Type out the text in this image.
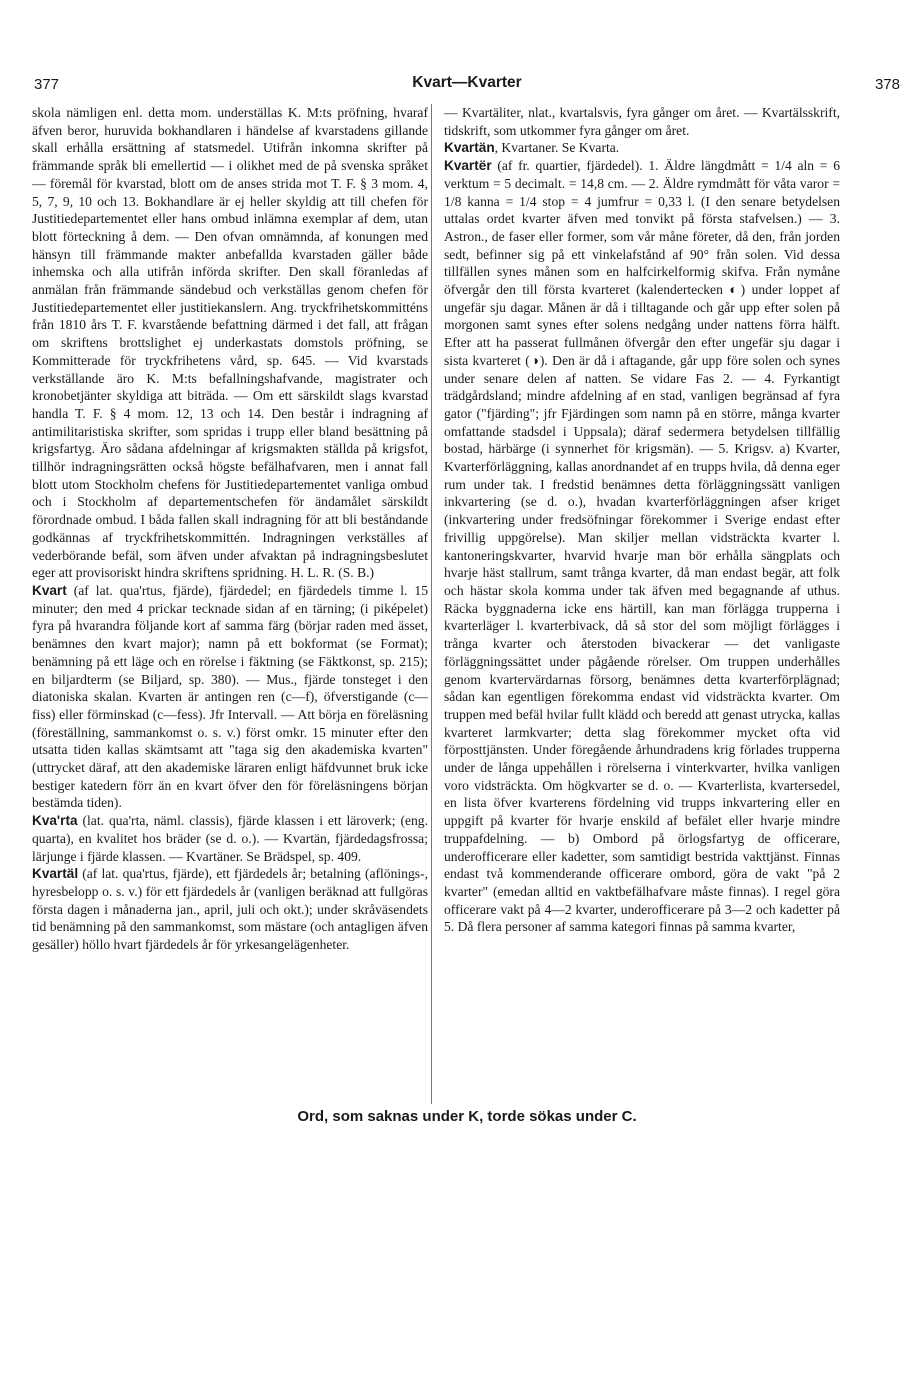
377	Kvart—Kvarter	378

skola nämligen enl. detta mom. underställas K. M:ts pröfning, hvaraf äfven beror, huruvida bokhandlaren i händelse af kvarstadens gillande skall erhålla ersättning af statsmedel. Utifrån inkomna skrifter på främmande språk bli emellertid — i olikhet med de på svenska språket — föremål för kvarstad, blott om de anses strida mot T. F. § 3 mom. 4, 5, 7, 9, 10 och 13. Bokhandlare är ej heller skyldig att till chefen för Justitiedepartementet eller hans ombud inlämna exemplar af dem, utan blott förteckning å dem. — Den ofvan omnämnda, af konungen med hänsyn till främmande makter anbefallda kvarstaden gäller både inhemska och alla utifrån införda skrifter. Den skall föranledas af anmälan från främmande sändebud och verkställas genom chefen för Justitiedepartementet eller justitiekanslern. Ang. tryckfrihetskommitténs från 1810 års T. F. kvarstående befattning därmed i det fall, att frågan om skriftens brottslighet ej underkastats domstols pröfning, se Kommitterade för tryckfrihetens vård, sp. 645. — Vid kvarstads verkställande äro K. M:ts befallningshafvande, magistrater och kronobetjänter skyldiga att biträda. — Om ett särskildt slags kvarstad handla T. F. § 4 mom. 12, 13 och 14. Den består i indragning af antimilitaristiska skrifter, som spridas i trupp eller bland besättning på krigsfartyg. Äro sådana afdelningar af krigsmakten ställda på krigsfot, tillhör indragningsrätten också högste befälhafvaren, men i annat fall blott utom Stockholm chefens för Justitiedepartementet vanliga ombud och i Stockholm af departementschefen för ändamålet särskildt förordnade ombud. I båda fallen skall indragning för att bli beståndande godkännas af tryckfrihetskommittén. Indragningen verkställes af vederbörande befäl, som äfven under afvaktan på indragningsbeslutet eger att provisoriskt hindra skriftens spridning. H. L. R. (S. B.)

Kvart (af lat. qua'rtus, fjärde), fjärdedel; en fjärdedels timme l. 15 minuter; den med 4 prickar tecknade sidan af en tärning; (i piképelet) fyra på hvarandra följande kort af samma färg (börjar raden med ässet, benämnes den kvart major); namn på ett bokformat (se Format); benämning på ett läge och en rörelse i fäktning (se Fäktkonst, sp. 215); en biljardterm (se Biljard, sp. 380). — Mus., fjärde tonsteget i den diatoniska skalan. Kvarten är antingen ren (c—f), öfverstigande (c—fiss) eller förminskad (c—fess). Jfr Intervall. — Att börja en föreläsning (föreställning, sammankomst o. s. v.) först omkr. 15 minuter efter den utsatta tiden kallas skämtsamt att "taga sig den akademiska kvarten" (uttrycket däraf, att den akademiske läraren enligt häfdvunnet bruk icke bestiger katedern förr än en kvart öfver den för föreläsningens början bestämda tiden).

Kva'rta (lat. qua'rta, näml. classis), fjärde klassen i ett läroverk; (eng. quarta), en kvalitet hos bräder (se d. o.). — Kvartän, fjärdedagsfrossa; lärjunge i fjärde klassen. — Kvartäner. Se Brädspel, sp. 409.

Kvartäl (af lat. qua'rtus, fjärde), ett fjärdedels år; betalning (aflönings-, hyresbelopp o. s. v.) för ett fjärdedels år (vanligen beräknad att fullgöras första dagen i månaderna jan., april, juli och okt.); under skråväsendets tid benämning på den sammankomst, som mästare (och antagligen äfven gesäller) höllo hvart fjärdedels år för yrkesangelägenheter.

— Kvartäliter, nlat., kvartalsvis, fyra gånger om året. — Kvartälsskrift, tidskrift, som utkommer fyra gånger om året.

Kvartän, Kvartaner. Se Kvarta.

Kvartër (af fr. quartier, fjärdedel). 1. Äldre längdmått = 1/4 aln = 6 verktum = 5 decimalt. = 14,8 cm. — 2. Äldre rymdmått för våta varor = 1/8 kanna = 1/4 stop = 4 jumfrur = 0,33 l. (I den senare betydelsen uttalas ordet kvarter äfven med tonvikt på första stafvelsen.) — 3. Astron., de faser eller former, som vår måne företer, då den, från jorden sedt, befinner sig på ett vinkelafstånd af 90° från solen. Vid dessa tillfällen synes månen som en halfcirkelformig skifva. Från nymåne öfvergår den till första kvarteret (kalendertecken ◐) under loppet af ungefär sju dagar. Månen är då i tilltagande och går upp efter solen på morgonen samt synes efter solens nedgång under nattens förra hälft. Efter att ha passerat fullmånen öfvergår den efter ungefär sju dagar i sista kvarteret (◑). Den är då i aftagande, går upp före solen och synes under senare delen af natten. Se vidare Fas 2. — 4. Fyrkantigt trädgårdsland; mindre afdelning af en stad, vanligen begränsad af fyra gator ("fjärding"; jfr Fjärdingen som namn på en större, många kvarter omfattande stadsdel i Uppsala); däraf sedermera betydelsen tillfällig bostad, härbärge (i synnerhet för krigsmän). — 5. Krigsv. a) Kvarter, Kvarterförläggning, kallas anordnandet af en trupps hvila, då denna eger rum under tak. I fredstid benämnes detta förläggningssätt vanligen inkvartering (se d. o.), hvadan kvarterförläggningen afser kriget (inkvartering under fredsöfningar förekommer i Sverige endast efter frivillig uppgörelse). Man skiljer mellan vidsträckta kvarter l. kantoneringskvarter, hvarvid hvarje man bör erhålla sängplats och hvarje häst stallrum, samt trånga kvarter, då man endast begär, att folk och hästar skola komma under tak äfven med begagnande af uthus. Räcka byggnaderna icke ens härtill, kan man förlägga trupperna i kvarterläger l. kvarterbivack, då så stor del som möjligt förlägges i trånga kvarter och återstoden bivackerar — det vanligaste förläggningssättet under pågående rörelser. Om truppen underhålles genom kvartervärdarnas försorg, benämnes detta kvarterförplägnad; sådan kan egentligen förekomma endast vid vidsträckta kvarter. Om truppen med befäl hvilar fullt klädd och beredd att genast utrycka, kallas kvarteret larmkvarter; detta slag förekommer mycket ofta vid förposttjänsten. Under föregående århundradens krig förlades trupperna under de långa uppehållen i rörelserna i vinterkvarter, hvilka vanligen voro vidsträckta. Om högkvarter se d. o. — Kvarterlista, kvartersedel, en lista öfver kvarterens fördelning vid trupps inkvartering eller en uppgift på kvarter för hvarje enskild af befälet eller hvarje mindre truppafdelning. — b) Ombord på örlogsfartyg de officerare, underofficerare eller kadetter, som samtidigt bestrida vakttjänst. Finnas endast två kommenderande officerare ombord, göra de vakt "på 2 kvarter" (emedan alltid en vaktbefälhafvare måste finnas). I regel göra officerare vakt på 4—2 kvarter, underofficerare på 3—2 och kadetter på 5. Då flera personer af samma kategori finnas på samma kvarter,

Ord, som saknas under K, torde sökas under C.
